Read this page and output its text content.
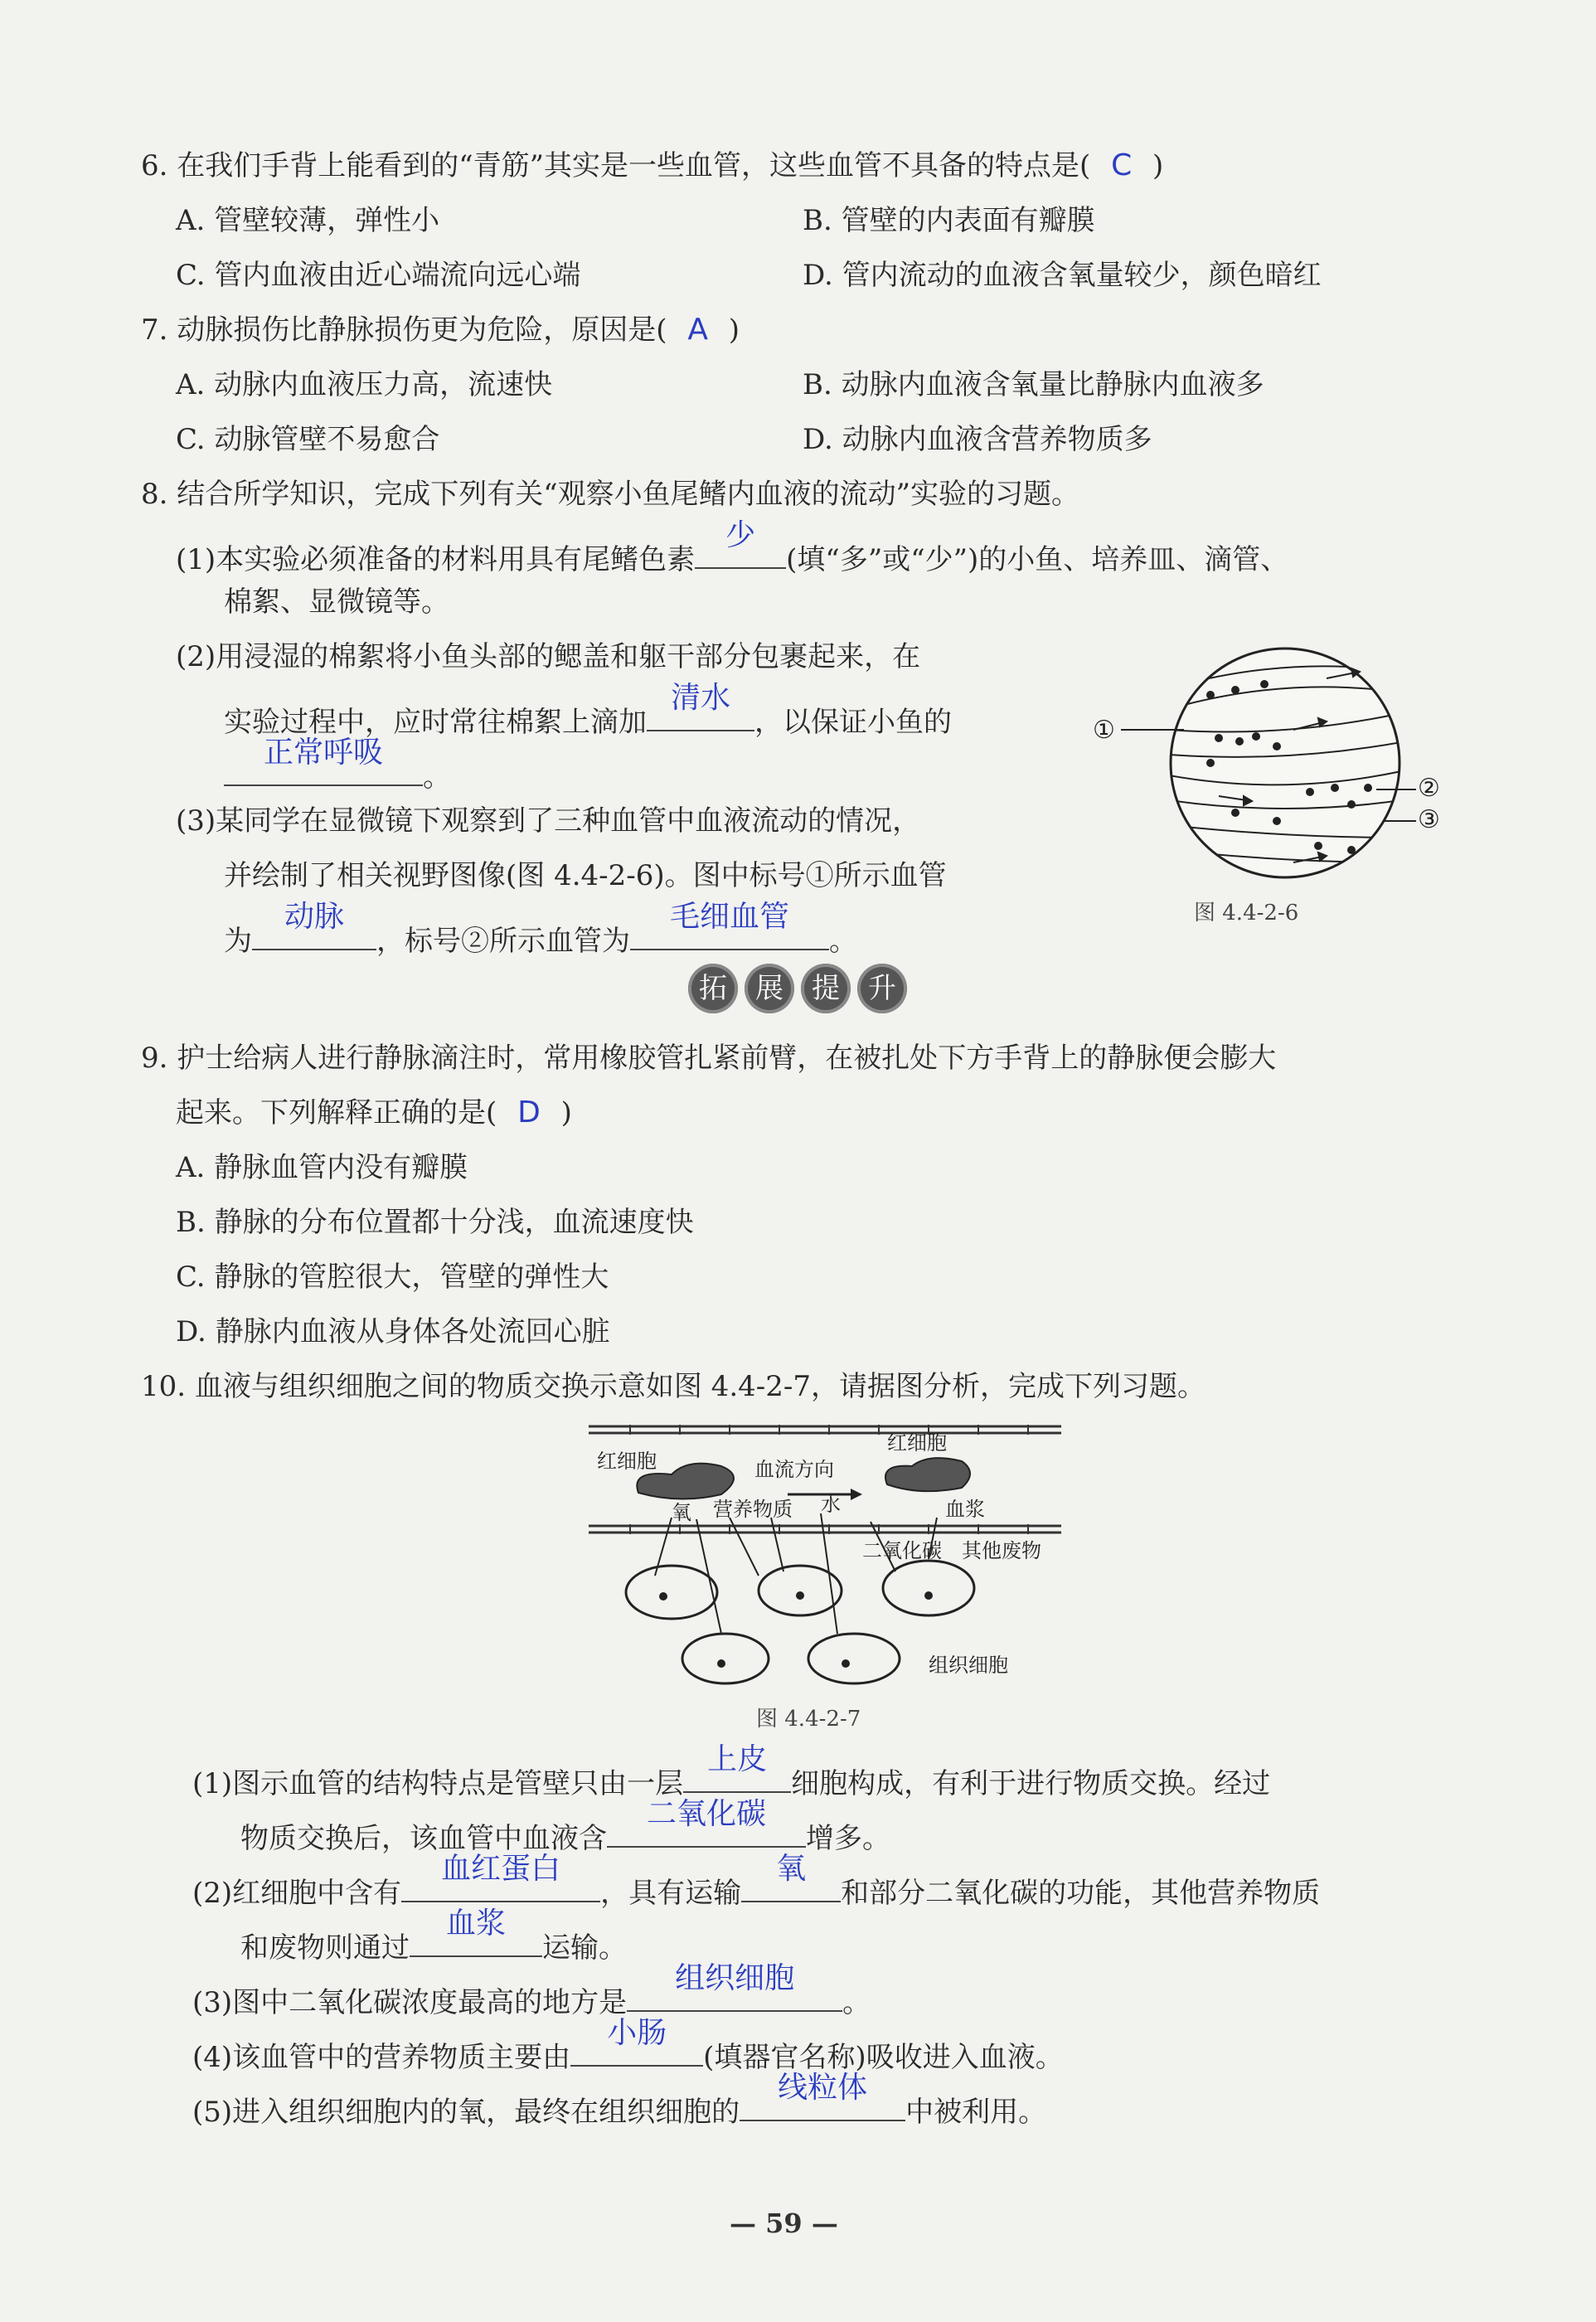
6. 在我们手背上能看到的“青筋”其实是一些血管，这些血管不具备的特点是( C )
A. 管壁较薄，弹性小	B. 管壁的内表面有瓣膜
C. 管内血液由近心端流向远心端	D. 管内流动的血液含氧量较少，颜色暗红
7. 动脉损伤比静脉损伤更为危险，原因是( A )
A. 动脉内血液压力高，流速快	B. 动脉内血液含氧量比静脉内血液多
C. 动脉管壁不易愈合	D. 动脉内血液含营养物质多
8. 结合所学知识，完成下列有关“观察小鱼尾鳍内血液的流动”实验的习题。
(1)本实验必须准备的材料用具有尾鳍色素
少
(填“多”或“少”)的小鱼、培养皿、滴管、
棉絮、显微镜等。
(2)用浸湿的棉絮将小鱼头部的鳃盖和躯干部分包裹起来，在
实验过程中，应时常往棉絮上滴加
清水
，以保证小鱼的
正常呼吸
。
(3)某同学在显微镜下观察到了三种血管中血液流动的情况，
并绘制了相关视野图像(图 4.4-2-6)。图中标号①所示血管
为
动脉
，标号②所示血管为
毛细血管
。
①
②
③
图 4.4-2-6
拓	展	提	升
9. 护士给病人进行静脉滴注时，常用橡胶管扎紧前臂，在被扎处下方手背上的静脉便会膨大
起来。下列解释正确的是( D )
A. 静脉血管内没有瓣膜
B. 静脉的分布位置都十分浅，血流速度快
C. 静脉的管腔很大，管壁的弹性大
D. 静脉内血液从身体各处流回心脏
10. 血液与组织细胞之间的物质交换示意如图 4.4-2-7，请据图分析，完成下列习题。
红细胞
红细胞
血流方向
氧 营养物质 水	血浆
二氧化碳 其他废物
组织细胞
图 4.4-2-7
(1)图示血管的结构特点是管壁只由一层
上皮
细胞构成，有利于进行物质交换。经过
物质交换后，该血管中血液含
二氧化碳
增多。
(2)红细胞中含有
血红蛋白
，具有运输
氧
和部分二氧化碳的功能，其他营养物质
和废物则通过
血浆
运输。
(3)图中二氧化碳浓度最高的地方是
组织细胞
。
(4)该血管中的营养物质主要由
小肠
(填器官名称)吸收进入血液。
(5)进入组织细胞内的氧，最终在组织细胞的
线粒体
中被利用。
— 59 —
